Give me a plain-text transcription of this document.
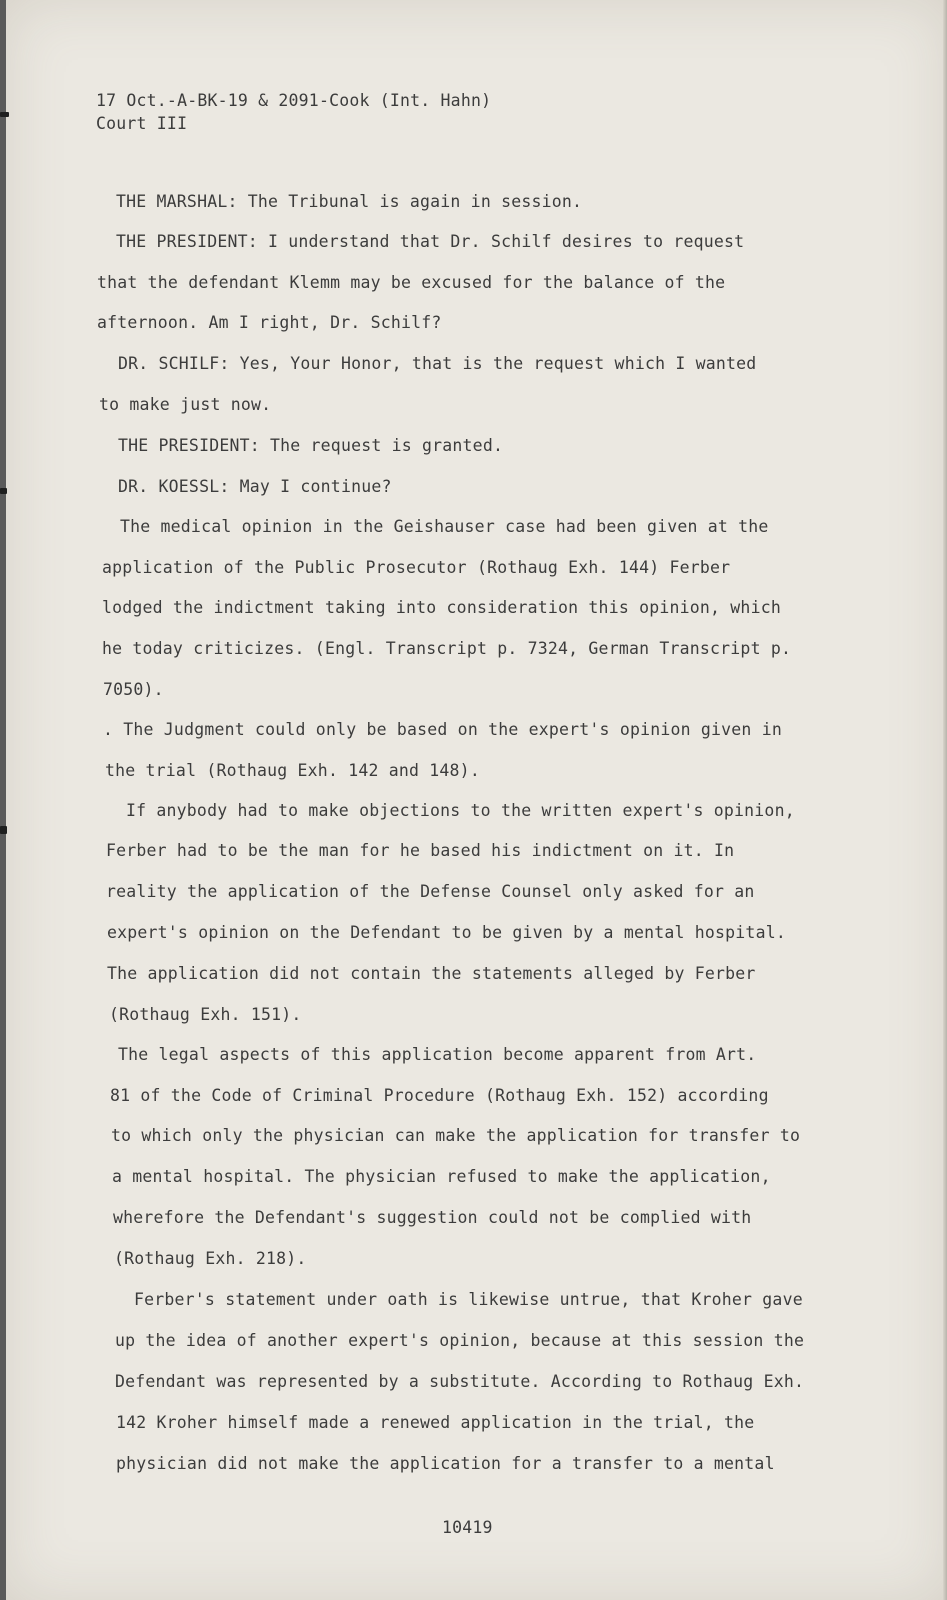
17 Oct.-A-BK-19 & 2091-Cook (Int. Hahn)
Court III
THE MARSHAL: The Tribunal is again in session.
THE PRESIDENT: I understand that Dr. Schilf desires to request
that the defendant Klemm may be excused for the balance of the
afternoon. Am I right, Dr. Schilf?
DR. SCHILF: Yes, Your Honor, that is the request which I wanted
to make just now.
THE PRESIDENT: The request is granted.
DR. KOESSL: May I continue?
The medical opinion in the Geishauser case had been given at the
application of the Public Prosecutor (Rothaug Exh. 144) Ferber
lodged the indictment taking into consideration this opinion, which
he today criticizes. (Engl. Transcript p. 7324, German Transcript p.
7050).
. The Judgment could only be based on the expert's opinion given in
the trial (Rothaug Exh. 142 and 148).
If anybody had to make objections to the written expert's opinion,
Ferber had to be the man for he based his indictment on it. In
reality the application of the Defense Counsel only asked for an
expert's opinion on the Defendant to be given by a mental hospital.
The application did not contain the statements alleged by Ferber
(Rothaug Exh. 151).
The legal aspects of this application become apparent from Art.
81 of the Code of Criminal Procedure (Rothaug Exh. 152) according
to which only the physician can make the application for transfer to
a mental hospital. The physician refused to make the application,
wherefore the Defendant's suggestion could not be complied with
(Rothaug Exh. 218).
Ferber's statement under oath is likewise untrue, that Kroher gave
up the idea of another expert's opinion, because at this session the
Defendant was represented by a substitute. According to Rothaug Exh.
142 Kroher himself made a renewed application in the trial, the
physician did not make the application for a transfer to a mental
10419
